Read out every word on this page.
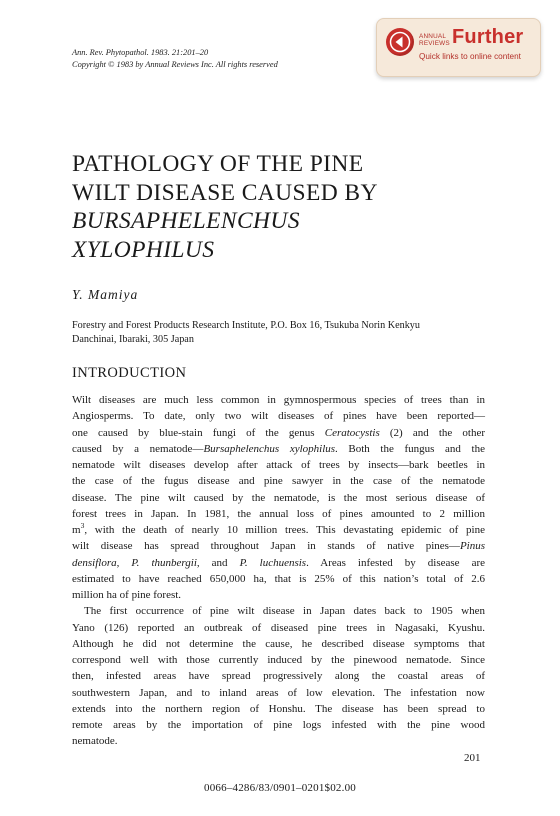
Ann. Rev. Phytopathol. 1983. 21:201–20
Copyright © 1983 by Annual Reviews Inc. All rights reserved
ANNUAL
REVIEWS Further
Quick links to online content
PATHOLOGY OF THE PINE
WILT DISEASE CAUSED BY
BURSAPHELENCHUS
XYLOPHILUS
Y. Mamiya
Forestry and Forest Products Research Institute, P.O. Box 16, Tsukuba Norin Kenkyu
Danchinai, Ibaraki, 305 Japan
INTRODUCTION
Wilt diseases are much less common in gymnospermous species of trees than in
Angiosperms. To date, only two wilt diseases of pines have been reported—
one caused by blue-stain fungi of the genus Ceratocystis (2) and the other
caused by a nematode—Bursaphelenchus xylophilus. Both the fungus and the
nematode wilt diseases develop after attack of trees by insects—bark beetles in
the case of the fugus disease and pine sawyer in the case of the nematode
disease. The pine wilt caused by the nematode, is the most serious disease of
forest trees in Japan. In 1981, the annual loss of pines amounted to 2 million
$m^3$, with the death of nearly 10 million trees. This devastating epidemic of pine
wilt disease has spread throughout Japan in stands of native pines—Pinus
densiflora, P. thunbergii, and P. luchuensis. Areas infested by disease are
estimated to have reached 650,000 ha, that is 25% of this nation’s total of 2.6
million ha of pine forest.
The first occurrence of pine wilt disease in Japan dates back to 1905 when
Yano (126) reported an outbreak of diseased pine trees in Nagasaki, Kyushu.
Although he did not determine the cause, he described disease symptoms that
correspond well with those currently induced by the pinewood nematode. Since
then, infested areas have spread progressively along the coastal areas of
southwestern Japan, and to inland areas of low elevation. The infestation now
extends into the northern region of Honshu. The disease has been spread to
remote areas by the importation of pine logs infested with the pine wood
nematode.
201
0066–4286/83/0901–0201$02.00
